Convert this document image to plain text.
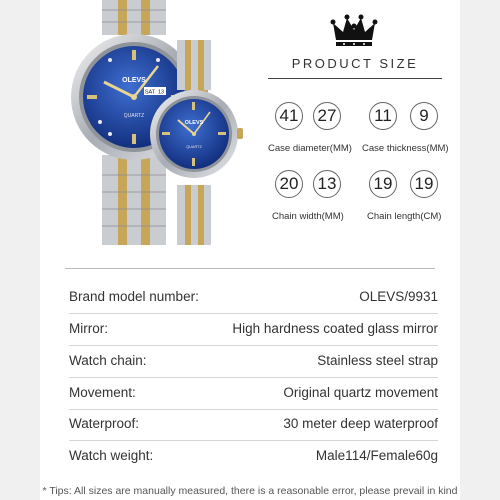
OLEVS
SAT 13
QUARTZ
OLEVS
QUARTZ
PRODUCT SIZE
41 27
Case diameter(MM)
11	9
Case thickness(MM)
20 13
Chain width(MM)
19 19
Chain length(CM)
Brand model number:	OLEVS/9931
Mirror:	High hardness coated glass mirror
Watch chain:	Stainless steel strap
Movement:	Original quartz movement
Waterproof:	30 meter deep waterproof
Watch weight:	Male114/Female60g
* Tips: All sizes are manually measured, there is a reasonable error, please prevail in kind
